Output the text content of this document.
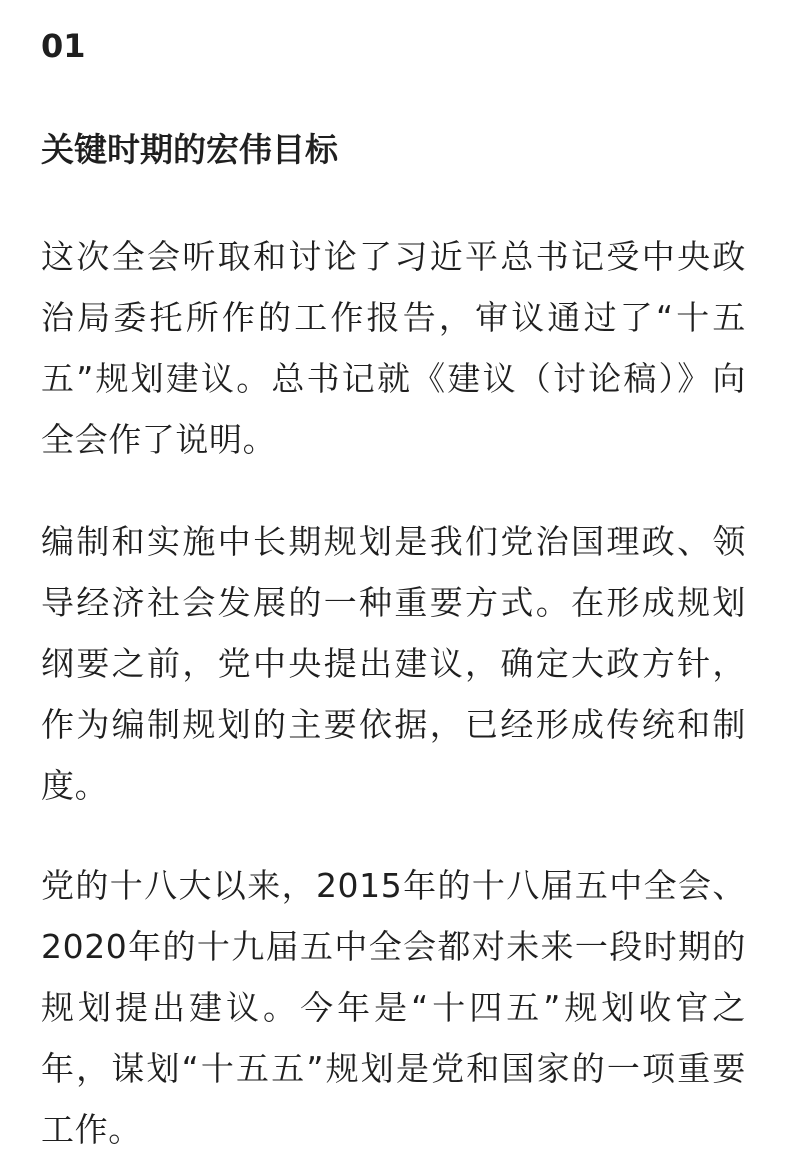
01
关键时期的宏伟目标

这次全会听取和讨论了习近平总书记受中央政治局委托所作的工作报告，审议通过了“十五五”规划建议。总书记就《建议（讨论稿）》向全会作了说明。

编制和实施中长期规划是我们党治国理政、领导经济社会发展的一种重要方式。在形成规划纲要之前，党中央提出建议，确定大政方针，作为编制规划的主要依据，已经形成传统和制度。

党的十八大以来，2015年的十八届五中全会、2020年的十九届五中全会都对未来一段时期的规划提出建议。今年是“十四五”规划收官之年，谋划“十五五”规划是党和国家的一项重要工作。
